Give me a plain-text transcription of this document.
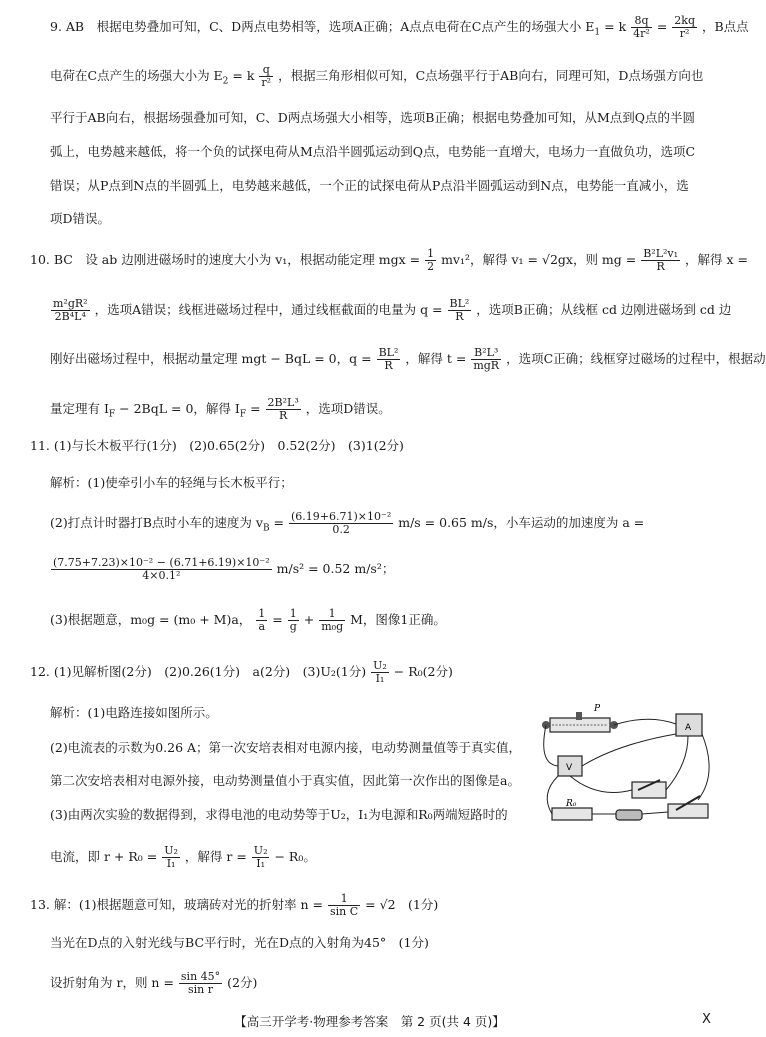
9. AB　根据电势叠加可知，C、D两点电势相等，选项A正确；A点点电荷在C点产生的场强大小 $E_1 = k \frac{8q}{\text{4r²}} = \frac{2kq}{\text{r²}}$ ，B点点
电荷在C点产生的场强大小为 $E_2 = k \frac{q}{\text{r²}}$ ，根据三角形相似可知，C点场强平行于AB向右，同理可知，D点场强方向也
平行于AB向右，根据场强叠加可知，C、D两点场强大小相等，选项B正确；根据电势叠加可知，从M点到Q点的半圆
弧上，电势越来越低，将一个负的试探电荷从M点沿半圆弧运动到Q点，电势能一直增大，电场力一直做负功，选项C
错误；从P点到N点的半圆弧上，电势越来越低，一个正的试探电荷从P点沿半圆弧运动到N点，电势能一直减小，选
项D错误。
10. BC　设 ab 边刚进磁场时的速度大小为 v₁，根据动能定理 mgx = $\frac{1}{2} mv_1^2$，解得 v₁ = √2gx，则 mg = $\frac{\text{B²L²v₁}}{R}$ ，解得 x =
$\frac{\text{m²gR²}}{\text{2B⁴L⁴}}$ ，选项A错误；线框进磁场过程中，通过线框截面的电量为 $q = \frac{\text{BL²}}{R}$ ，选项B正确；从线框 cd 边刚进磁场到 cd 边
刚好出磁场过程中，根据动量定理 mgt − BqL = 0，$q = \frac{\text{BL²}}{R}$ ，解得 $t = \frac{\text{B²L³}}{\text{mgR}}$ ，选项C正确；线框穿过磁场的过程中，根据动
量定理有 $I_F - 2BqL = 0$，解得 $I_F = \frac{\text{2B²L³}}{R}$ ，选项D错误。
11. (1)与长木板平行(1分)　(2)0.65(2分)　0.52(2分)　(3)1(2分)
解析：(1)使牵引小车的轻绳与长木板平行；
(2)打点计时器打B点时小车的速度为 $v_B = \frac{\text{(6.19+6.71)×10⁻²}}{0.2} m/s = 0.65$ m/s，小车运动的加速度为 a =
$\frac{\text{(7.75+7.23)×10⁻² − (6.71+6.19)×10⁻²}}{\text{4×0.1²}} m/s^2 = 0.52$ m/s²；
(3)根据题意，m₀g = (m₀ + M)a， $\frac{1}{a} = \frac{1}{g} + \frac{1}{\text{m₀g}}$ M，图像1正确。
12. (1)见解析图(2分)　(2)0.26(1分)　a(2分)　(3)U₂(1分) $\frac{\text{U₂}}{\text{I₁}} - R_0(2$分)
解析：(1)电路连接如图所示。
(2)电流表的示数为0.26 A；第一次安培表相对电源内接，电动势测量值等于真实值，
第二次安培表相对电源外接，电动势测量值小于真实值，因此第一次作出的图像是a。
(3)由两次实验的数据得到，求得电池的电动势等于U₂，I₁为电源和R₀两端短路时的
电流，即 $r + R_0 = \frac{\text{U₂}}{\text{I₁}}$ ，解得 $r = \frac{\text{U₂}}{\text{I₁}} - R_0$。
P
A
V
R₀
13. 解：(1)根据题意可知，玻璃砖对光的折射率 $n = \frac{1}{\text{sin C}} = √2$　(1分)
当光在D点的入射光线与BC平行时，光在D点的入射角为45°　(1分)
设折射角为 r，则 $n = \frac{\sin 45^\circ}{\text{sin r}} (2$分)
【高三开学考·物理参考答案　第 2 页(共 4 页)】	X
